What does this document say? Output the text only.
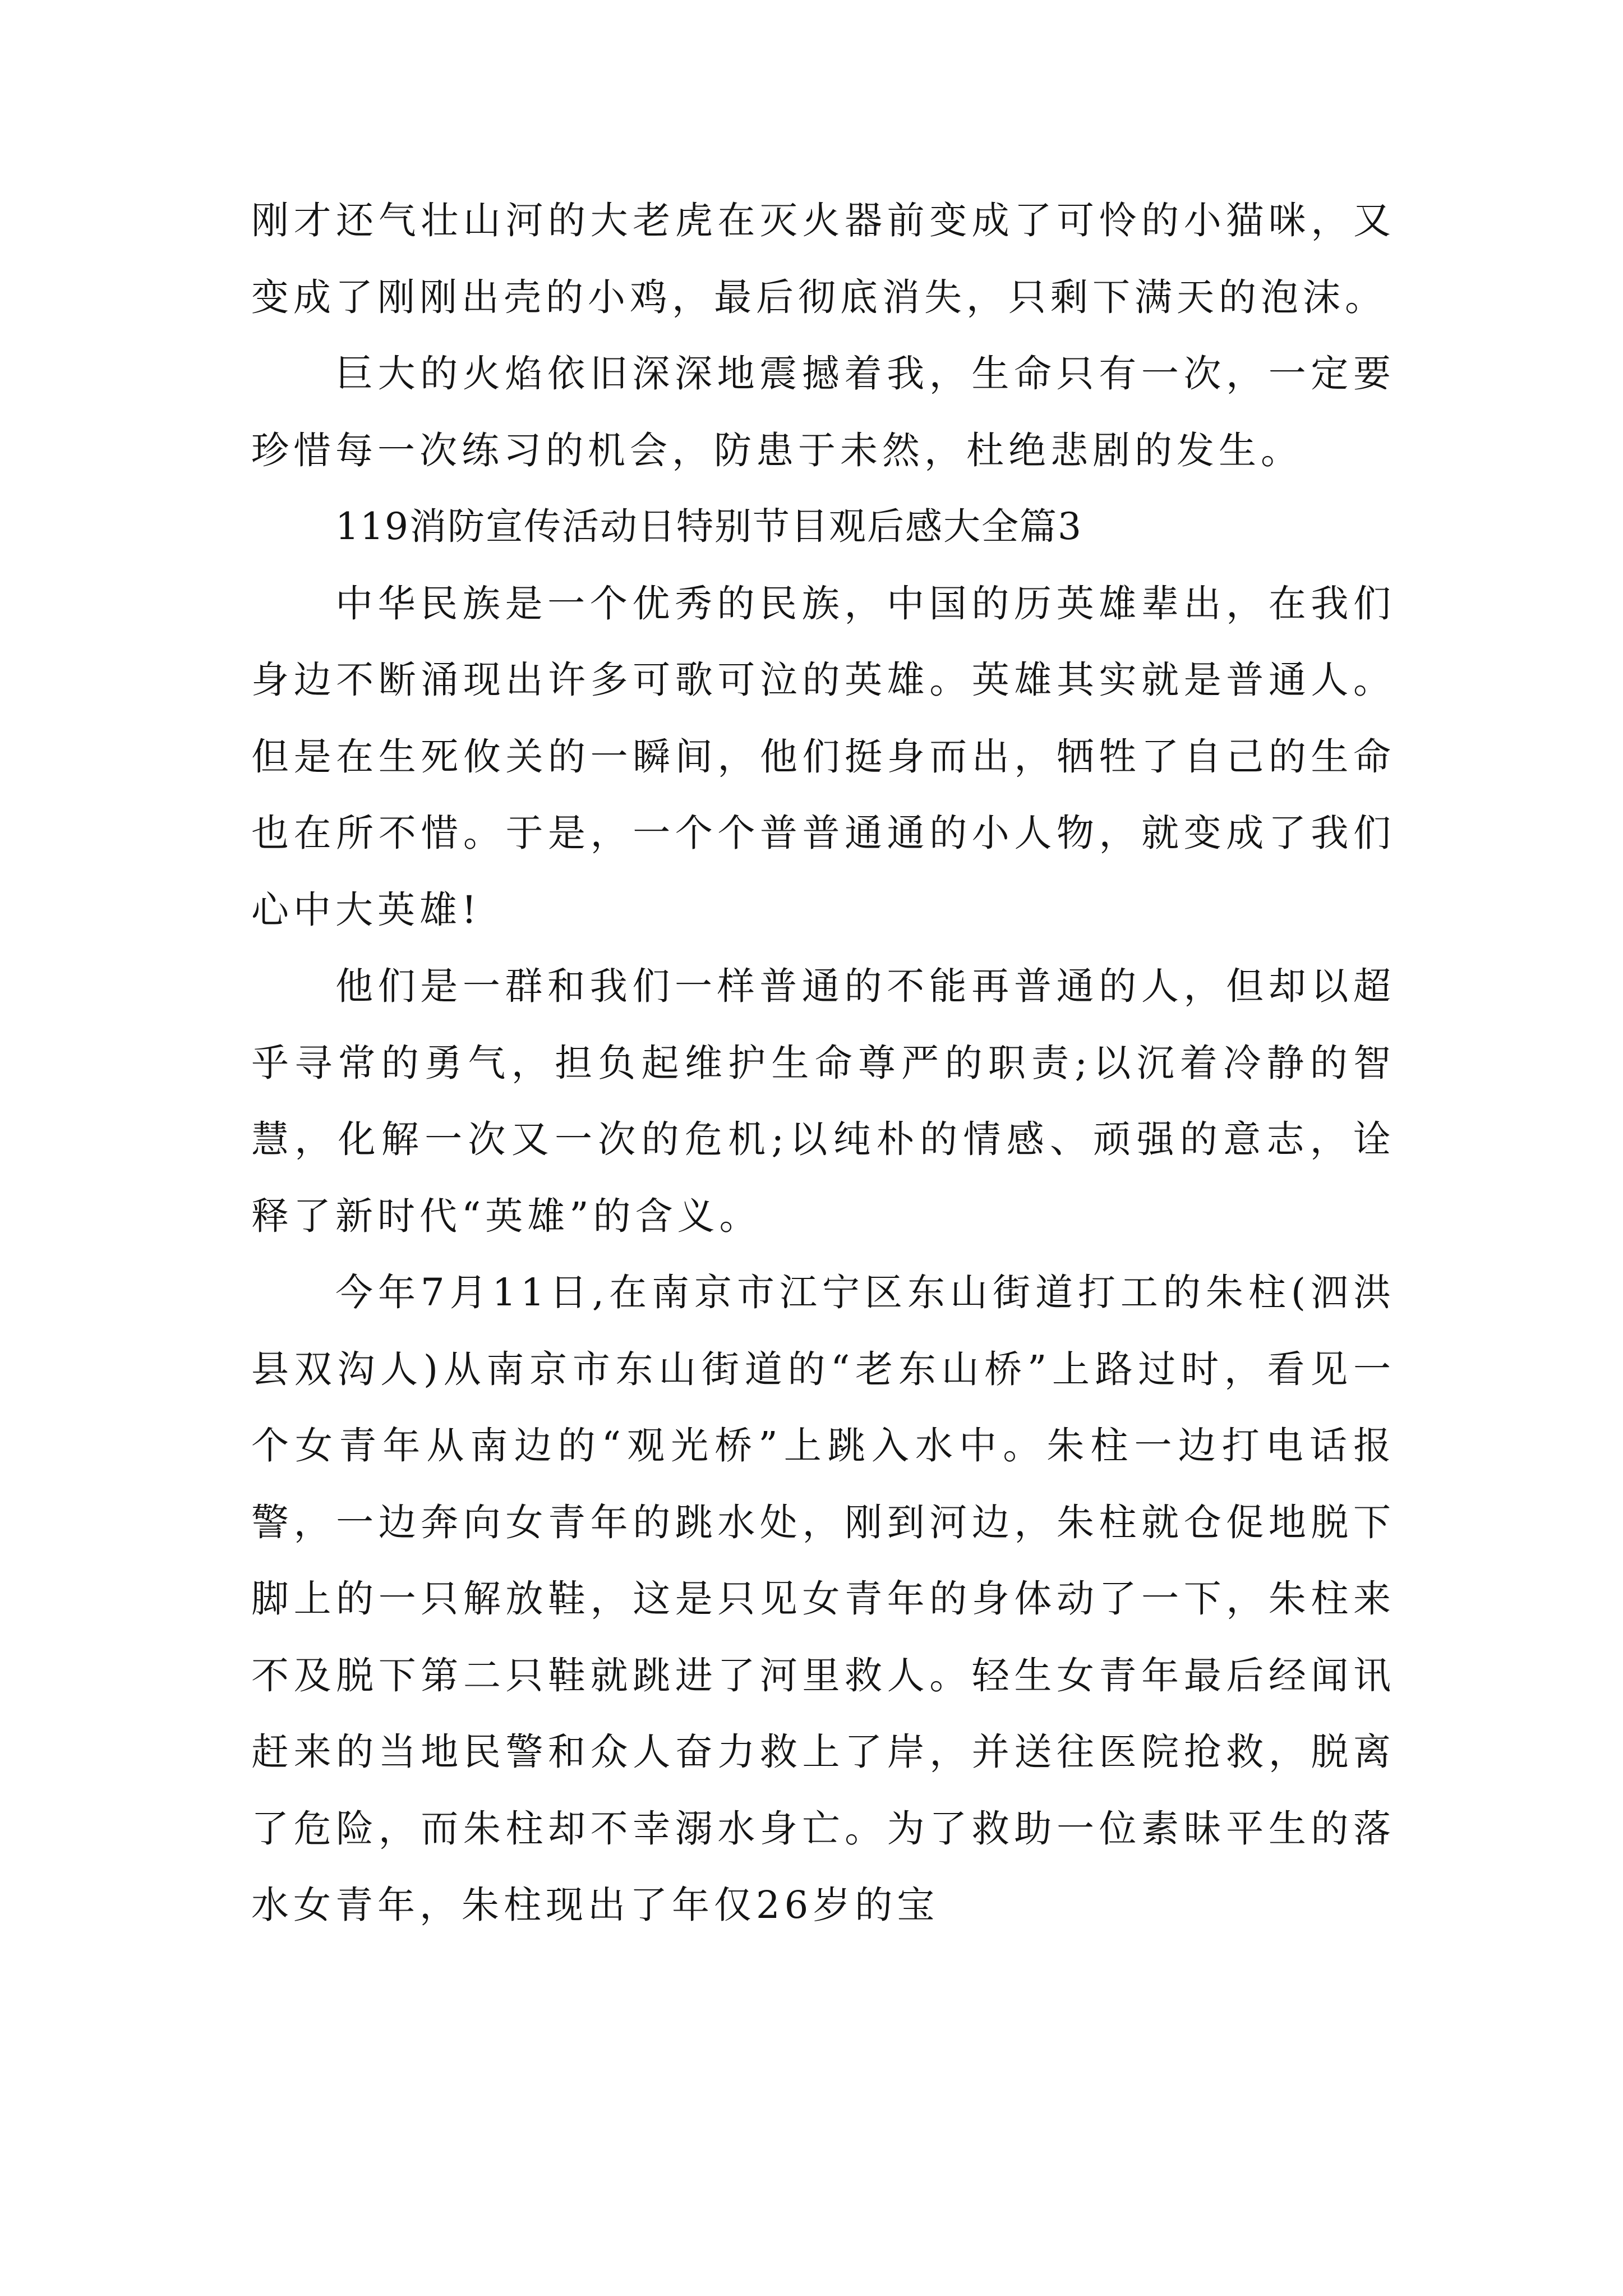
刚才还气壮山河的大老虎在灭火器前变成了可怜的小猫咪，又变成了刚刚出壳的小鸡，最后彻底消失，只剩下满天的泡沫。

巨大的火焰依旧深深地震撼着我，生命只有一次，一定要珍惜每一次练习的机会，防患于未然，杜绝悲剧的发生。

119消防宣传活动日特别节目观后感大全篇3

中华民族是一个优秀的民族，中国的历英雄辈出，在我们身边不断涌现出许多可歌可泣的英雄。英雄其实就是普通人。但是在生死攸关的一瞬间，他们挺身而出，牺牲了自己的生命也在所不惜。于是，一个个普普通通的小人物，就变成了我们心中大英雄!

他们是一群和我们一样普通的不能再普通的人，但却以超乎寻常的勇气，担负起维护生命尊严的职责;以沉着冷静的智慧，化解一次又一次的危机;以纯朴的情感、顽强的意志，诠释了新时代“英雄”的含义。

今年7月11日,在南京市江宁区东山街道打工的朱柱(泗洪县双沟人)从南京市东山街道的“老东山桥”上路过时，看见一个女青年从南边的“观光桥”上跳入水中。朱柱一边打电话报警，一边奔向女青年的跳水处，刚到河边，朱柱就仓促地脱下脚上的一只解放鞋，这是只见女青年的身体动了一下，朱柱来不及脱下第二只鞋就跳进了河里救人。轻生女青年最后经闻讯赶来的当地民警和众人奋力救上了岸，并送往医院抢救，脱离了危险，而朱柱却不幸溺水身亡。为了救助一位素昧平生的落水女青年，朱柱现出了年仅26岁的宝
